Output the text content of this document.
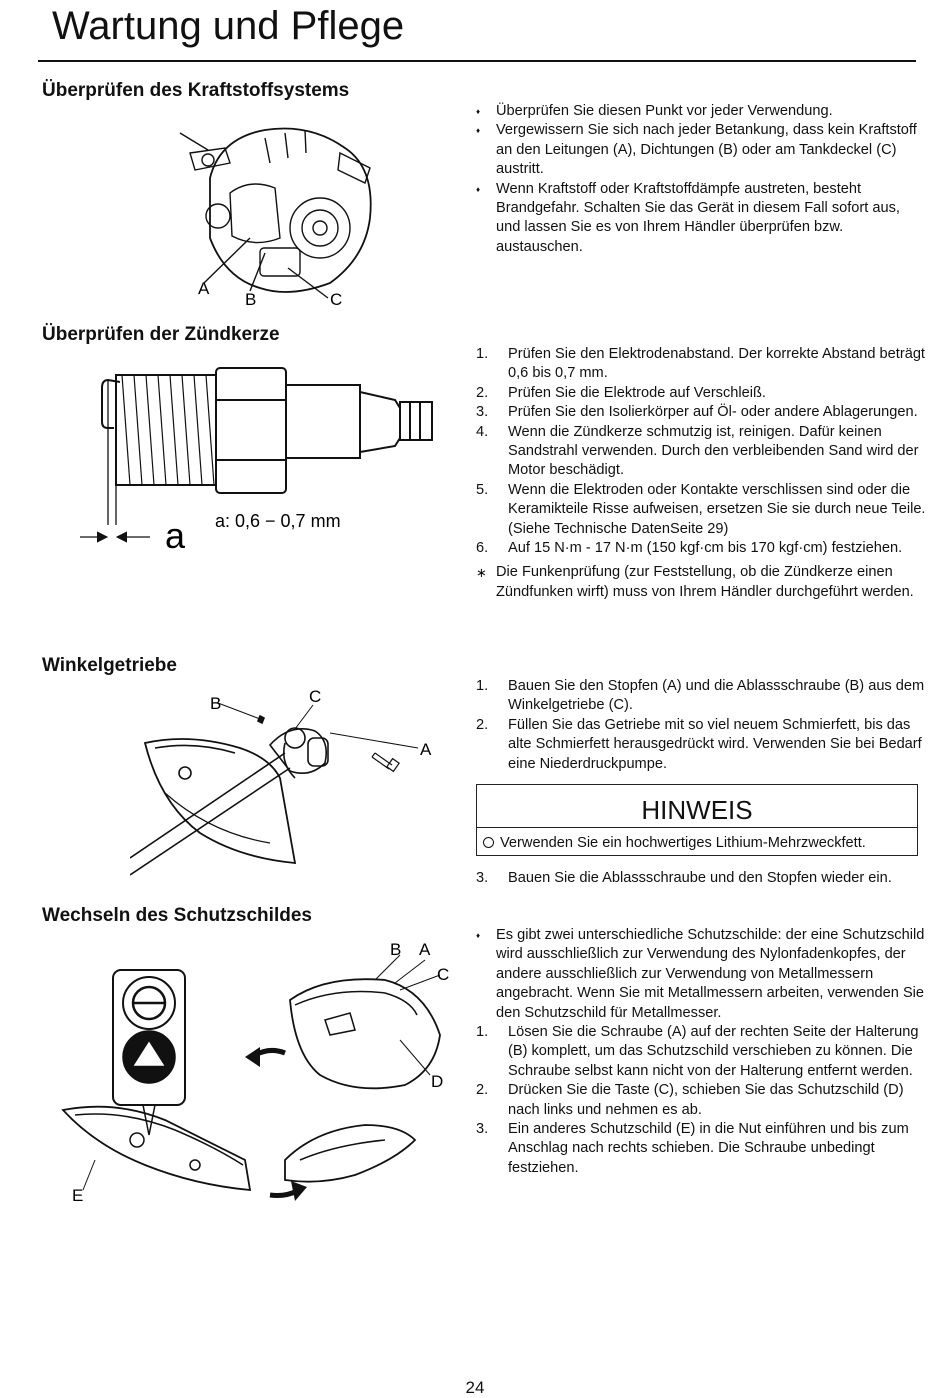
Wartung und Pflege
Überprüfen des Kraftstoffsystems
A
B	C
♦	Überprüfen Sie diesen Punkt vor jeder Verwendung.
♦	Vergewissern Sie sich nach jeder Betankung, dass kein Kraftstoff an den Leitungen (A), Dichtungen (B) oder am Tankdeckel (C) austritt.
♦	Wenn Kraftstoff oder Kraftstoffdämpfe austreten, besteht Brandgefahr. Schalten Sie das Gerät in diesem Fall sofort aus, und lassen Sie es von Ihrem Händler überprüfen bzw. austauschen.
Überprüfen der Zündkerze
a a: 0,6 − 0,7 mm
1.	Prüfen Sie den Elektrodenabstand. Der korrekte Abstand beträgt 0,6 bis 0,7 mm.
2.	Prüfen Sie die Elektrode auf Verschleiß.
3.	Prüfen Sie den Isolierkörper auf Öl- oder andere Ablagerungen.
4.	Wenn die Zündkerze schmutzig ist, reinigen. Dafür keinen Sandstrahl verwenden. Durch den verbleibenden Sand wird der Motor beschädigt.
5.	Wenn die Elektroden oder Kontakte verschlissen sind oder die Keramikteile Risse aufweisen, ersetzen Sie sie durch neue Teile. (Siehe Technische DatenSeite 29)
6.	Auf 15 N·m - 17 N·m (150 kgf·cm bis 170 kgf·cm) festziehen.
∗ Die Funkenprüfung (zur Feststellung, ob die Zündkerze einen Zündfunken wirft) muss von Ihrem Händler durchgeführt werden.
Winkelgetriebe
B	C
A
1.	Bauen Sie den Stopfen (A) und die Ablassschraube (B) aus dem Winkelgetriebe (C).
2.	Füllen Sie das Getriebe mit so viel neuem Schmierfett, bis das alte Schmierfett herausgedrückt wird. Verwenden Sie bei Bedarf eine Niederdruckpumpe.
HINWEIS
Verwenden Sie ein hochwertiges Lithium-Mehrzweckfett.
3.	Bauen Sie die Ablassschraube und den Stopfen wieder ein.
Wechseln des Schutzschildes
B A
C
D
E
♦	Es gibt zwei unterschiedliche Schutzschilde: der eine Schutzschild wird ausschließlich zur Verwendung des Nylonfadenkopfes, der andere ausschließlich zur Verwendung von Metallmessern angebracht. Wenn Sie mit Metallmessern arbeiten, verwenden Sie den Schutzschild für Metallmesser.
1.	Lösen Sie die Schraube (A) auf der rechten Seite der Halterung (B) komplett, um das Schutzschild verschieben zu können. Die Schraube selbst kann nicht von der Halterung entfernt werden.
2.	Drücken Sie die Taste (C), schieben Sie das Schutzschild (D) nach links und nehmen es ab.
3.	Ein anderes Schutzschild (E) in die Nut einführen und bis zum Anschlag nach rechts schieben. Die Schraube unbedingt festziehen.
24
